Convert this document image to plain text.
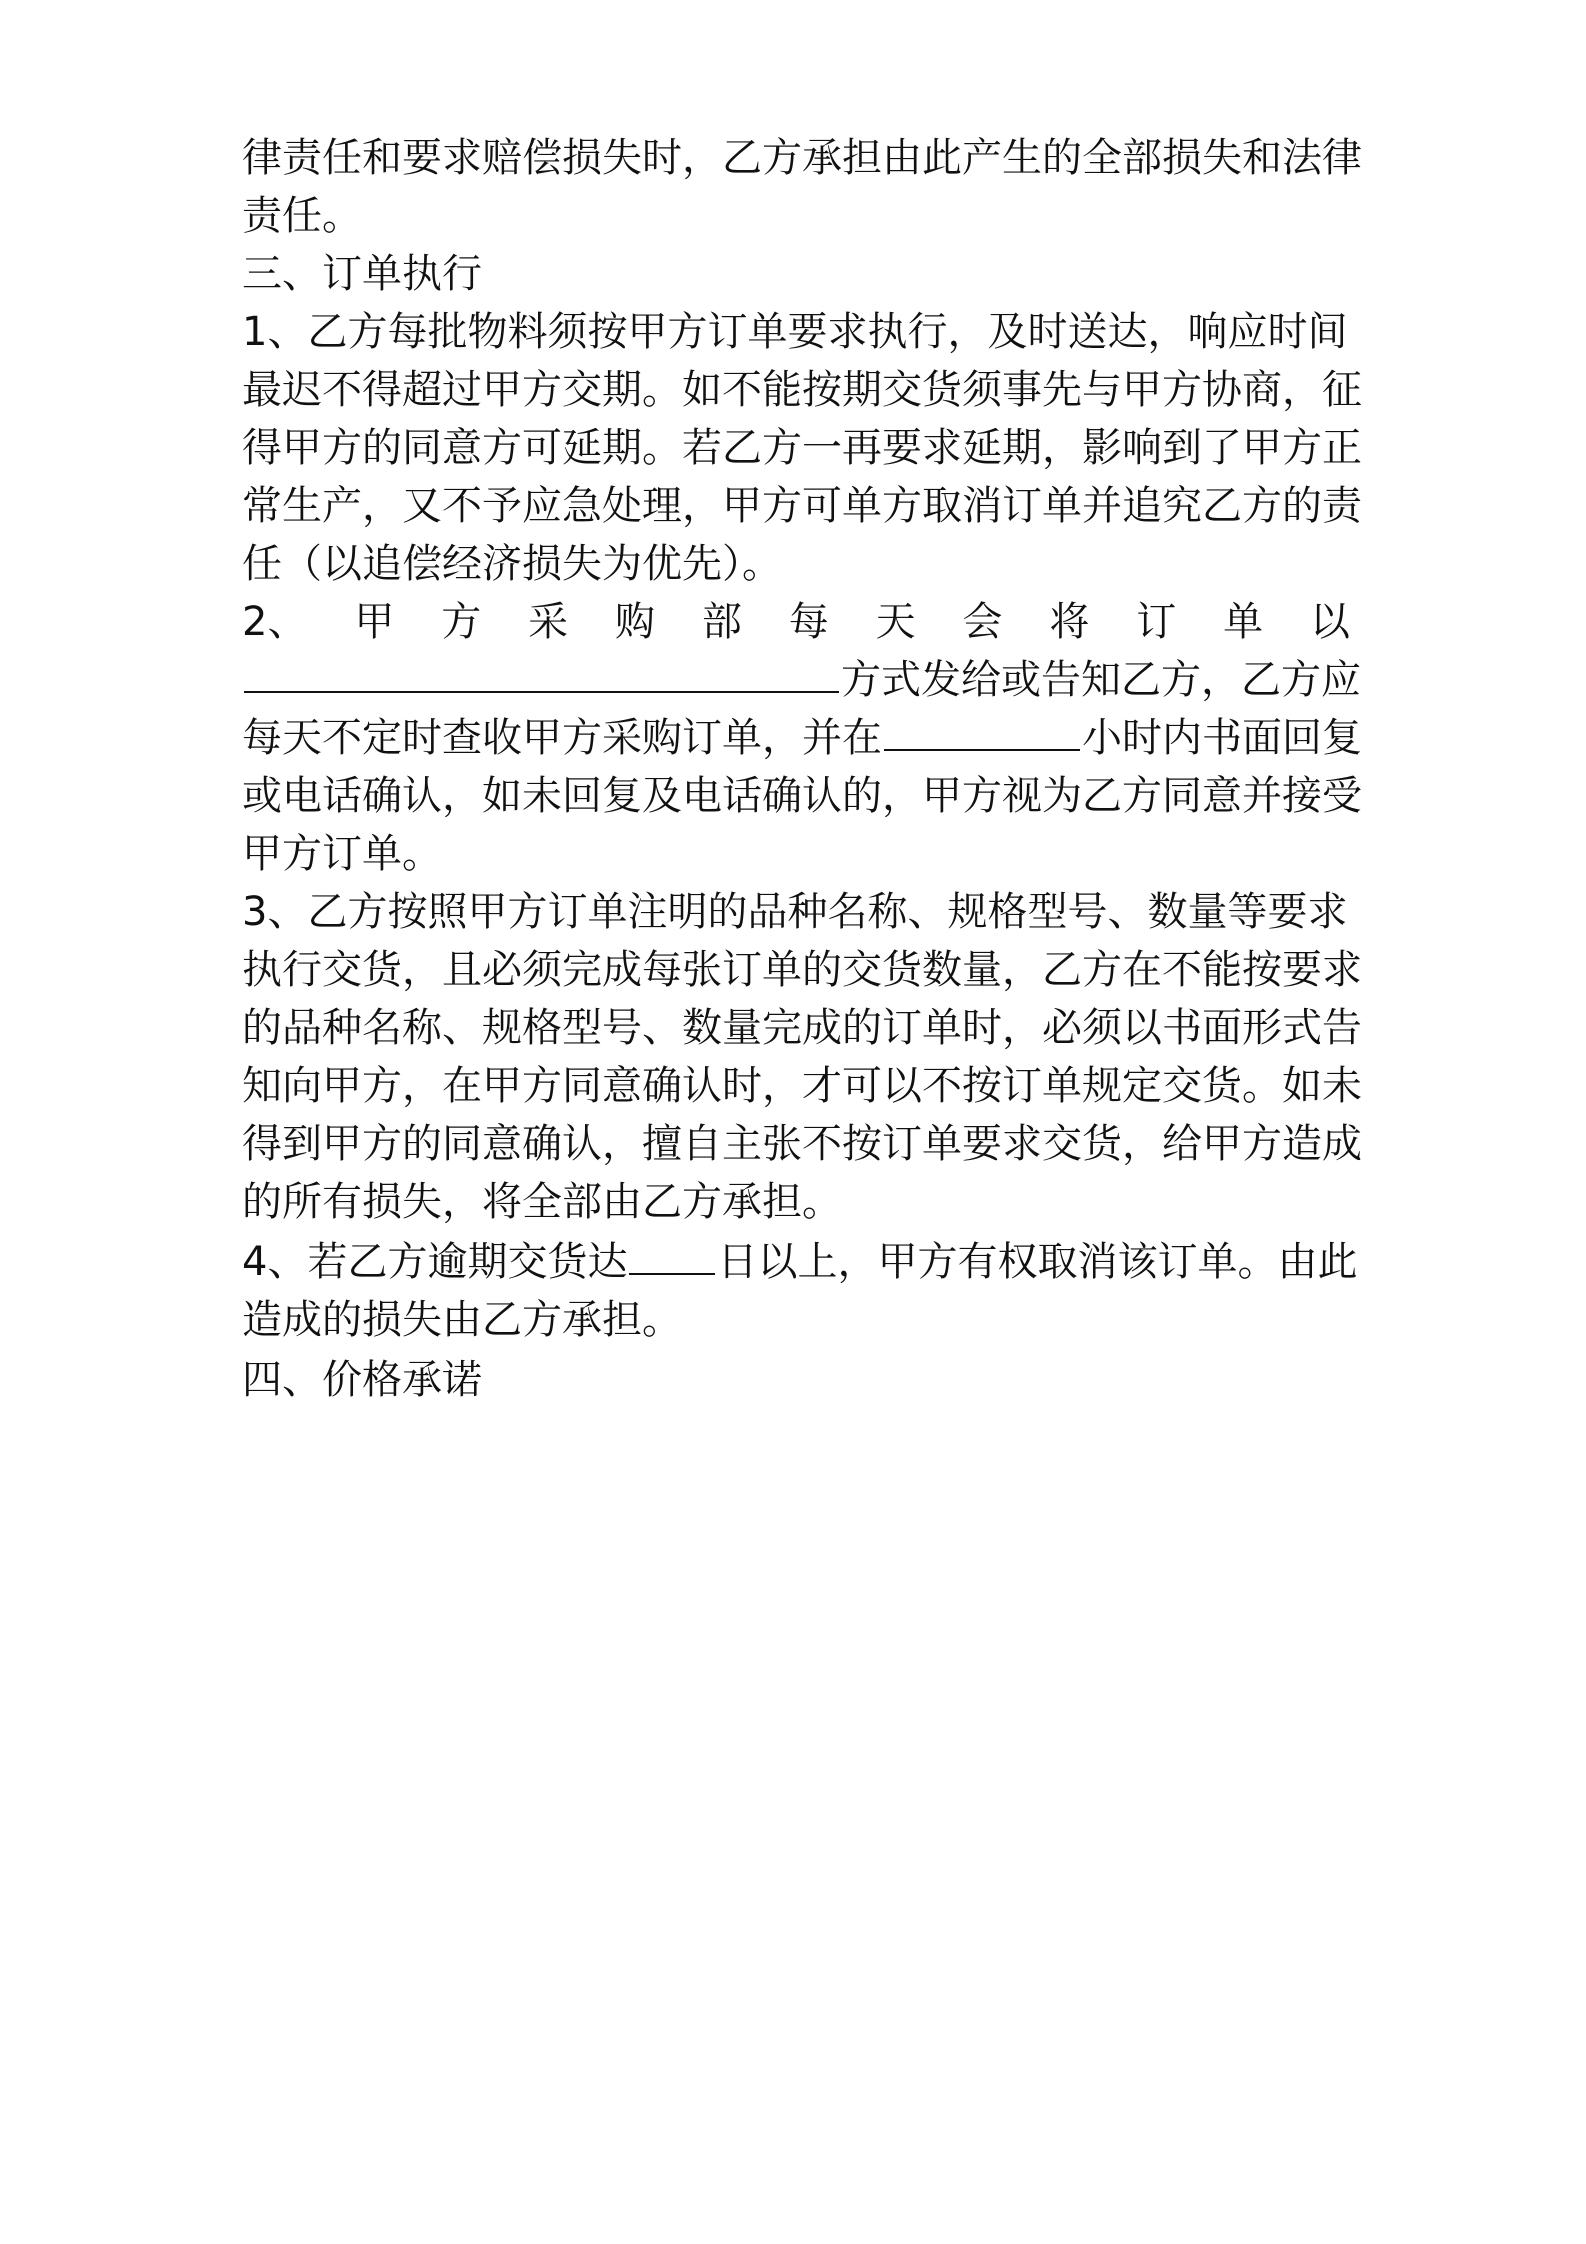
律责任和要求赔偿损失时，乙方承担由此产生的全部损失和法律
责任。
三、订单执行
1、乙方每批物料须按甲方订单要求执行，及时送达，响应时间
最迟不得超过甲方交期。如不能按期交货须事先与甲方协商，征
得甲方的同意方可延期。若乙方一再要求延期，影响到了甲方正
常生产，又不予应急处理，甲方可单方取消订单并追究乙方的责
任（以追偿经济损失为优先）。
2、 甲 方 采 购 部 每 天 会 将 订 单 以
方式发给或告知乙方，乙方应
每天不定时查收甲方采购订单，并在	小时内书面回复
或电话确认，如未回复及电话确认的，甲方视为乙方同意并接受
甲方订单。
3、乙方按照甲方订单注明的品种名称、规格型号、数量等要求
执行交货，且必须完成每张订单的交货数量，乙方在不能按要求
的品种名称、规格型号、数量完成的订单时，必须以书面形式告
知向甲方，在甲方同意确认时，才可以不按订单规定交货。如未
得到甲方的同意确认，擅自主张不按订单要求交货，给甲方造成
的所有损失，将全部由乙方承担。
4、若乙方逾期交货达 日以上，甲方有权取消该订单。由此
造成的损失由乙方承担。
四、价格承诺
